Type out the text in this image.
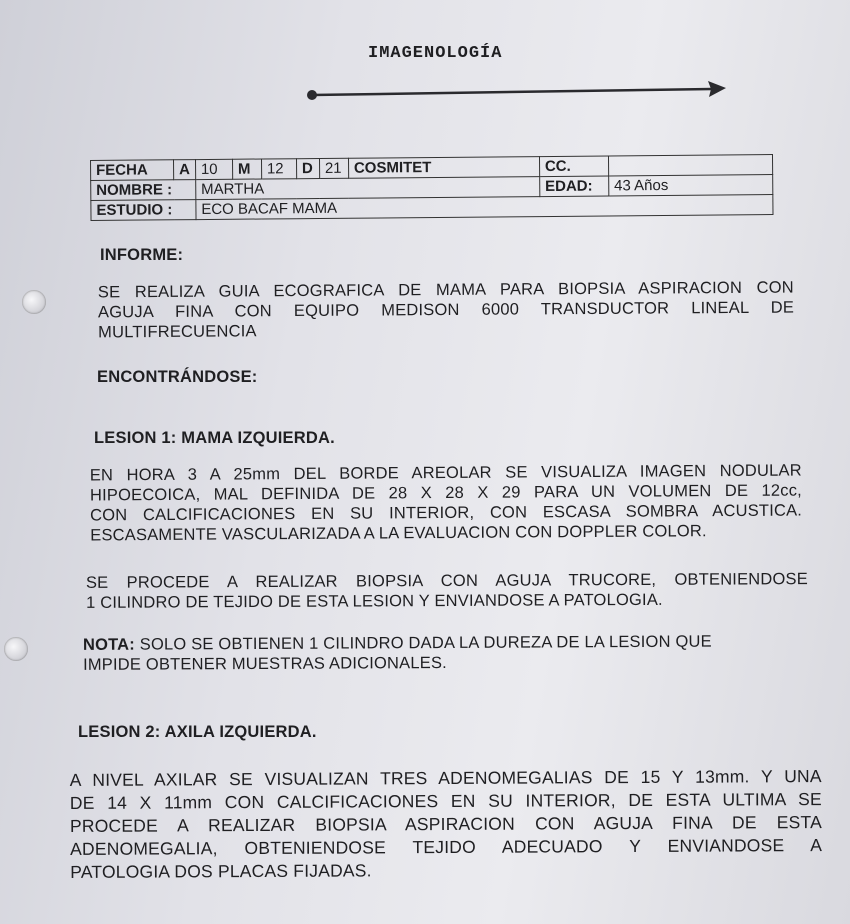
IMAGENOLOGÍA
FECHA	A	10	M	12	D	21	COSMITET	CC.	
NOMBRE :		MARTHA						EDAD:	43 Años
ESTUDIO :		ECO BACAF MAMA							
INFORME:
SE REALIZA GUIA ECOGRAFICA DE MAMA PARA BIOPSIA ASPIRACION CON
AGUJA FINA CON EQUIPO MEDISON 6000 TRANSDUCTOR LINEAL DE
MULTIFRECUENCIA
ENCONTRÁNDOSE:
LESION 1: MAMA IZQUIERDA.
EN HORA 3 A 25mm DEL BORDE AREOLAR SE VISUALIZA IMAGEN NODULAR
HIPOECOICA, MAL DEFINIDA DE 28 X 28 X 29 PARA UN VOLUMEN DE 12cc,
CON CALCIFICACIONES EN SU INTERIOR, CON ESCASA SOMBRA ACUSTICA.
ESCASAMENTE VASCULARIZADA A LA EVALUACION CON DOPPLER COLOR.
SE PROCEDE A REALIZAR BIOPSIA CON AGUJA TRUCORE, OBTENIENDOSE
1 CILINDRO DE TEJIDO DE ESTA LESION Y ENVIANDOSE A PATOLOGIA.
NOTA: SOLO SE OBTIENEN 1 CILINDRO DADA LA DUREZA DE LA LESION QUE
IMPIDE OBTENER MUESTRAS ADICIONALES.
LESION 2: AXILA IZQUIERDA.
A NIVEL AXILAR SE VISUALIZAN TRES ADENOMEGALIAS DE 15 Y 13mm. Y UNA
DE 14 X 11mm CON CALCIFICACIONES EN SU INTERIOR, DE ESTA ULTIMA SE
PROCEDE A REALIZAR BIOPSIA ASPIRACION CON AGUJA FINA DE ESTA
ADENOMEGALIA, OBTENIENDOSE TEJIDO ADECUADO Y ENVIANDOSE A
PATOLOGIA DOS PLACAS FIJADAS.
